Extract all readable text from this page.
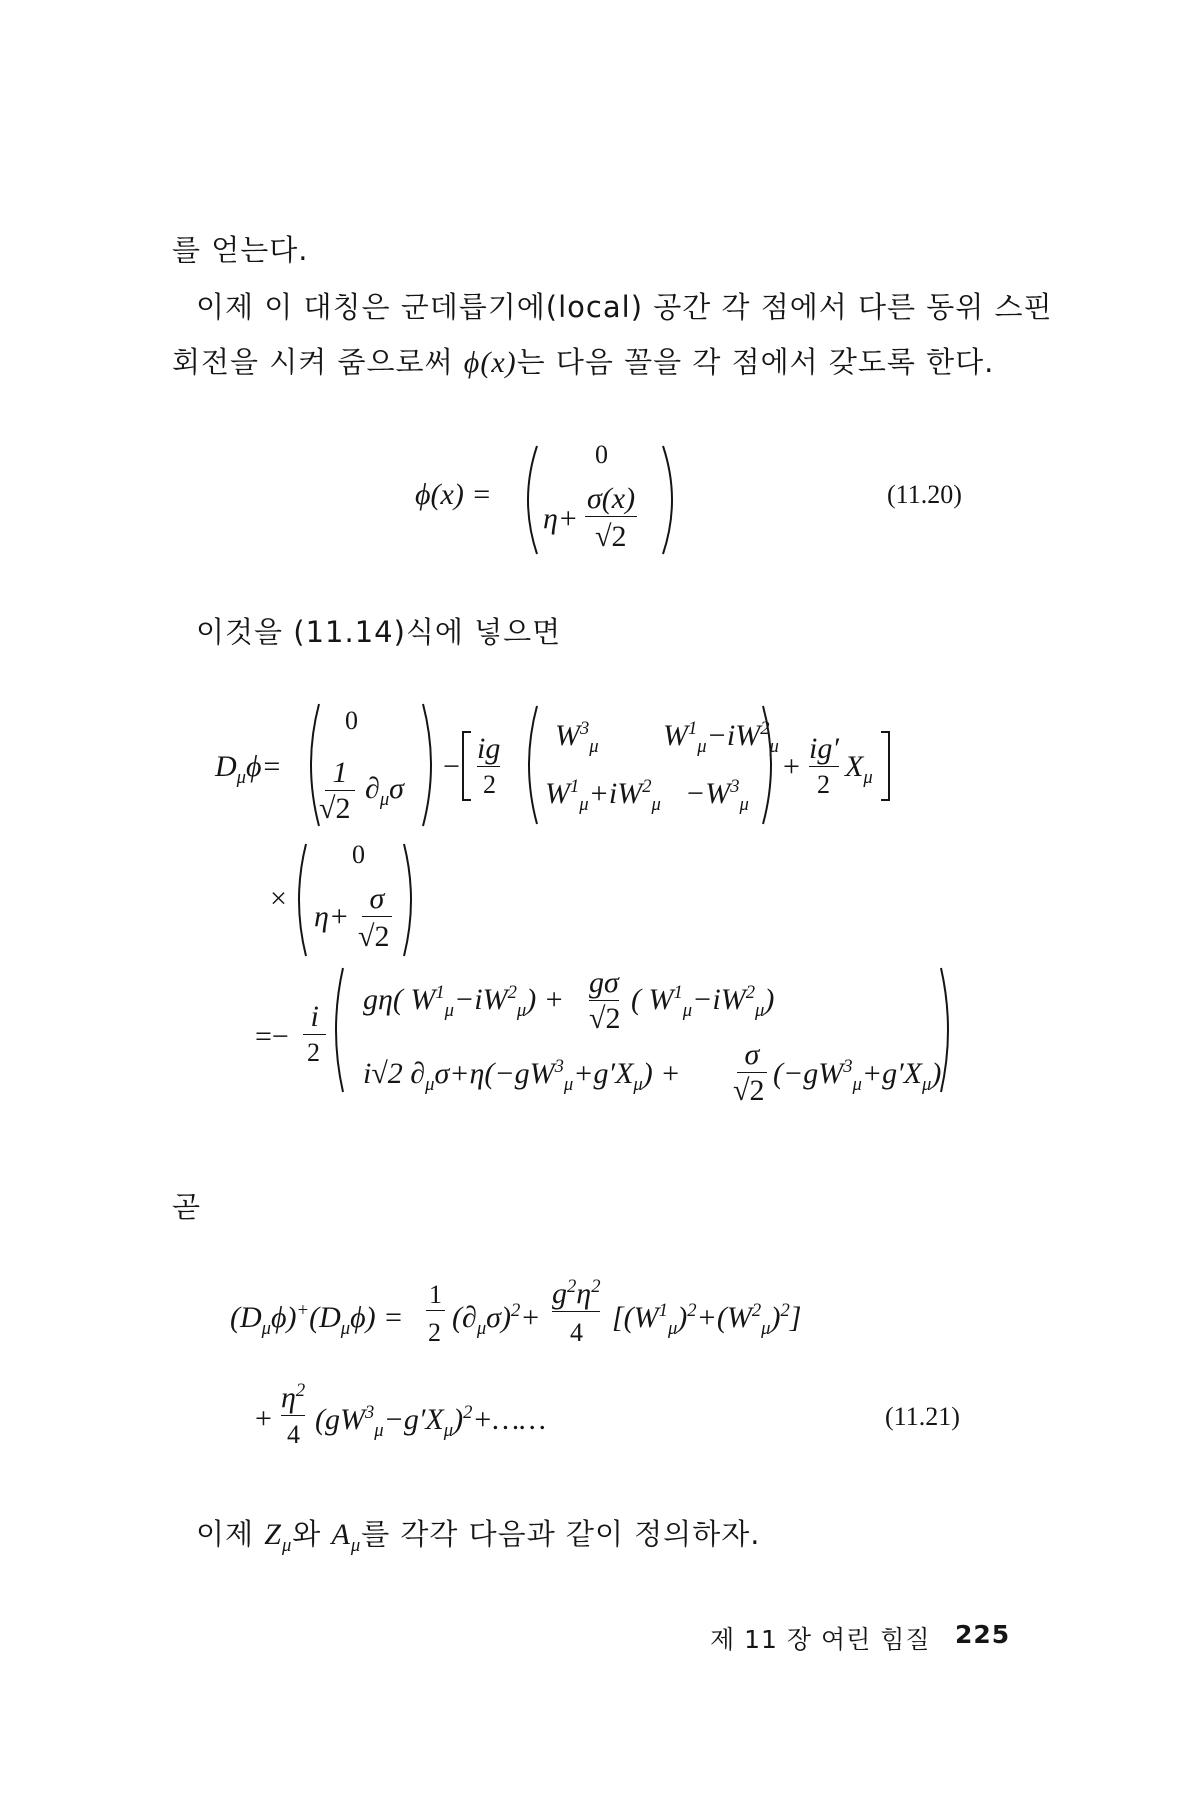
를 얻는다.
이제 이 대칭은 군데릅기에(local) 공간 각 점에서 다른 동위 스핀
회전을 시켜 줌으로써 ϕ(x)는 다음 꼴을 각 점에서 갖도록 한다.
ϕ(x) =
0
η+
σ(x)
√2
(11.20)
이것을 (11.14)식에 넣으면
$D_\mu\phi=$
0
1
√2
$\partial_\mu\sigma$
−
ig
2
$W^3_\mu$ $W^1_\mu-iW^2_\mu$
$W^1_\mu+iW^2_\mu -W^3_\mu$
+
ig′
2
$X_\mu$
×
0
η+
σ
√2
=−
i
2
gη( $W^1_\mu-iW^2_\mu$) +
gσ
√2
( $W^1_\mu-iW^2_\mu$)
i√2 $\partial_\mu\sigma+\eta(-gW^3_\mu+g'X_\mu)$ +
σ
√2
$(-gW^3_\mu+g'X_\mu)$
곧
$(D_\mu\phi)^+(D_\mu\phi)$ =
1
2 $(\partial_\mu\sigma)^2+$
$g^2\eta^2$
4 $[(W^1_\mu)^2+(W^2_\mu)^2]$
+
$\eta^2$
4 $(gW^3_\mu-g'X_\mu)^2+\dots\dots$	(11.21)
이제 $Z_\mu$와 $A_\mu$를 각각 다음과 같이 정의하자.
제 11 장 여린 힘질 225
